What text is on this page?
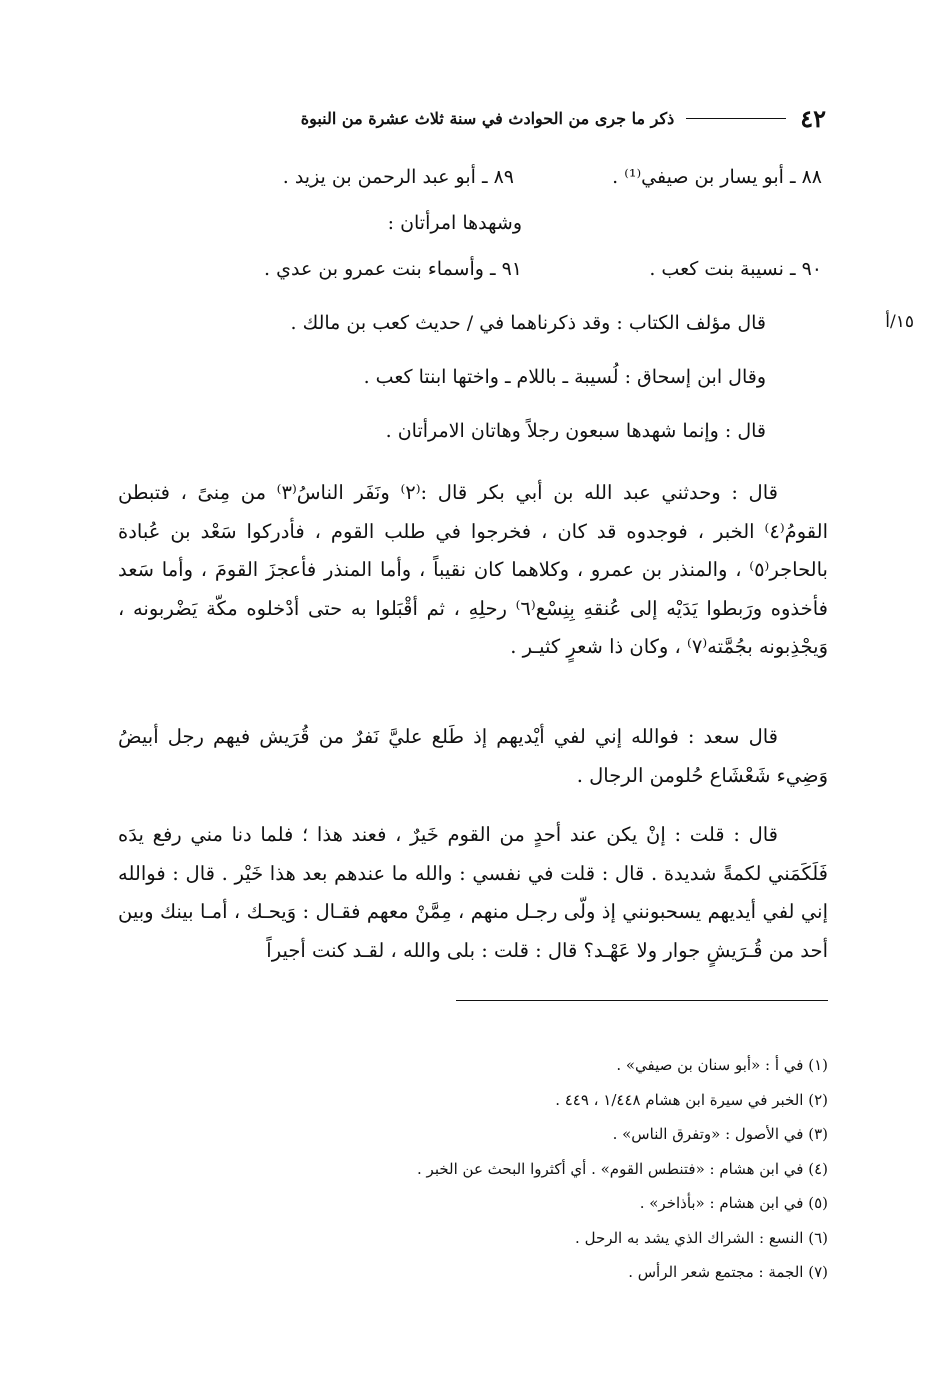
٤٢
ذكر ما جرى من الحوادث في سنة ثلاث عشرة من النبوة
٨٨ ـ أبو يسار بن صيفي⁽¹⁾ .
٨٩ ـ أبو عبد الرحمن بن يزيد .
وشهدها امرأتان :
٩٠ ـ نسيبة بنت كعب .
٩١ ـ وأسماء بنت عمرو بن عدي .
١٥/أ
قال مؤلف الكتاب : وقد ذكرناهما في / حديث كعب بن مالك .
وقال ابن إسحاق : لُسيبة ـ باللام ـ واختها ابنتا كعب .
قال : وإنما شهدها سبعون رجلاً وهاتان الامرأتان .
قال : وحدثني عبد الله بن أبي بكر قال :⁽٢⁾ ونَفَر الناسُ⁽٣⁾ من مِنىً ، فتبطن القومُ⁽٤⁾ الخبر ، فوجدوه قد كان ، فخرجوا في طلب القوم ، فأدركوا سَعْد بن عُبادة بالحاجر⁽٥⁾ ، والمنذر بن عمرو ، وكلاهما كان نقيباً ، وأما المنذر فأعجزَ القومَ ، وأما سَعد فأخذوه ورَبطوا يَدَيْه إلى عُنقهِ بِنِسْع⁽٦⁾ رحلِهِ ، ثم أقْبَلوا به حتى أدْخلوه مكّة يَضْربونه ، وَيجْذِبونه بجُمَّته⁽٧⁾ ، وكان ذا شعرٍ كثيـر .
قال سعد : فوالله إني لفي أيْديهم إذ طَلع عليَّ نَفرٌ من قُرَيش فيهم رجل أبيضُ وَضِيء شَعْشَاع حُلومن الرجال .
قال : قلت : إنْ يكن عند أحدٍ من القوم خَيرٌ ، فعند هذا ؛ فلما دنا مني رفع يدَه فَلَكَمَني لكمةً شديدة . قال : قلت في نفسي : والله ما عندهم بعد هذا خَيْر . قال : فوالله إني لفي أيديهم يسحبونني إذ ولّى رجـل منهم ، مِمَّنْ معهم فقـال : وَيحـك ، أمـا بينك وبين أحد من قُـرَيشٍ جوار ولا عَهْـد؟ قال : قلت : بلى والله ، لقـد كنت أجيراً
(١) في أ : «أبو سنان بن صيفي» .
(٢) الخبر في سيرة ابن هشام ١/٤٤٨ ، ٤٤٩ .
(٣) في الأصول : «وتفرق الناس» .
(٤) في ابن هشام : «فتنطس القوم» . أي أكثروا البحث عن الخبر .
(٥) في ابن هشام : «بأذاخر» .
(٦) النسع : الشراك الذي يشد به الرحل .
(٧) الجمة : مجتمع شعر الرأس .
